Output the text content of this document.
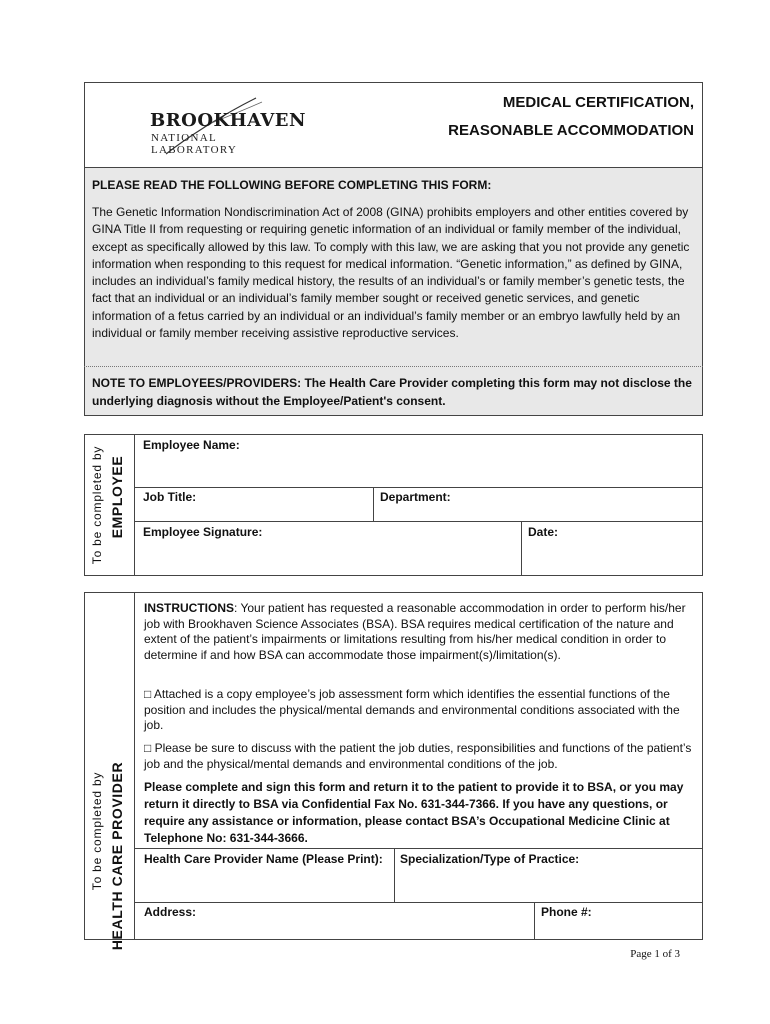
BROOKHAVEN
NATIONAL LABORATORY
MEDICAL CERTIFICATION,
REASONABLE ACCOMMODATION
PLEASE READ THE FOLLOWING BEFORE COMPLETING THIS FORM:
The Genetic Information Nondiscrimination Act of 2008 (GINA) prohibits employers and other entities covered by GINA Title II from requesting or requiring genetic information of an individual or family member of the individual, except as specifically allowed by this law. To comply with this law, we are asking that you not provide any genetic information when responding to this request for medical information. “Genetic information,” as defined by GINA, includes an individual’s family medical history, the results of an individual’s or family member’s genetic tests, the fact that an individual or an individual’s family member sought or received genetic services, and genetic information of a fetus carried by an individual or an individual’s family member or an embryo lawfully held by an individual or family member receiving assistive reproductive services.
NOTE TO EMPLOYEES/PROVIDERS: The Health Care Provider completing this form may not disclose the underlying diagnosis without the Employee/Patient's consent.
To be completed by EMPLOYEE
Employee Name:
Job Title:	Department:
Employee Signature:	Date:
To be completed by HEALTH CARE PROVIDER
INSTRUCTIONS: Your patient has requested a reasonable accommodation in order to perform his/her job with Brookhaven Science Associates (BSA). BSA requires medical certification of the nature and extent of the patient’s impairments or limitations resulting from his/her medical condition in order to determine if and how BSA can accommodate those impairment(s)/limitation(s).
□ Attached is a copy employee’s job assessment form which identifies the essential functions of the position and includes the physical/mental demands and environmental conditions associated with the job.
□ Please be sure to discuss with the patient the job duties, responsibilities and functions of the patient’s job and the physical/mental demands and environmental conditions of the job.
Please complete and sign this form and return it to the patient to provide it to BSA, or you may return it directly to BSA via Confidential Fax No. 631-344-7366. If you have any questions, or require any assistance or information, please contact BSA’s Occupational Medicine Clinic at Telephone No: 631-344-3666.
Health Care Provider Name (Please Print): Specialization/Type of Practice:
Address:	Phone #:
Page 1 of 3
